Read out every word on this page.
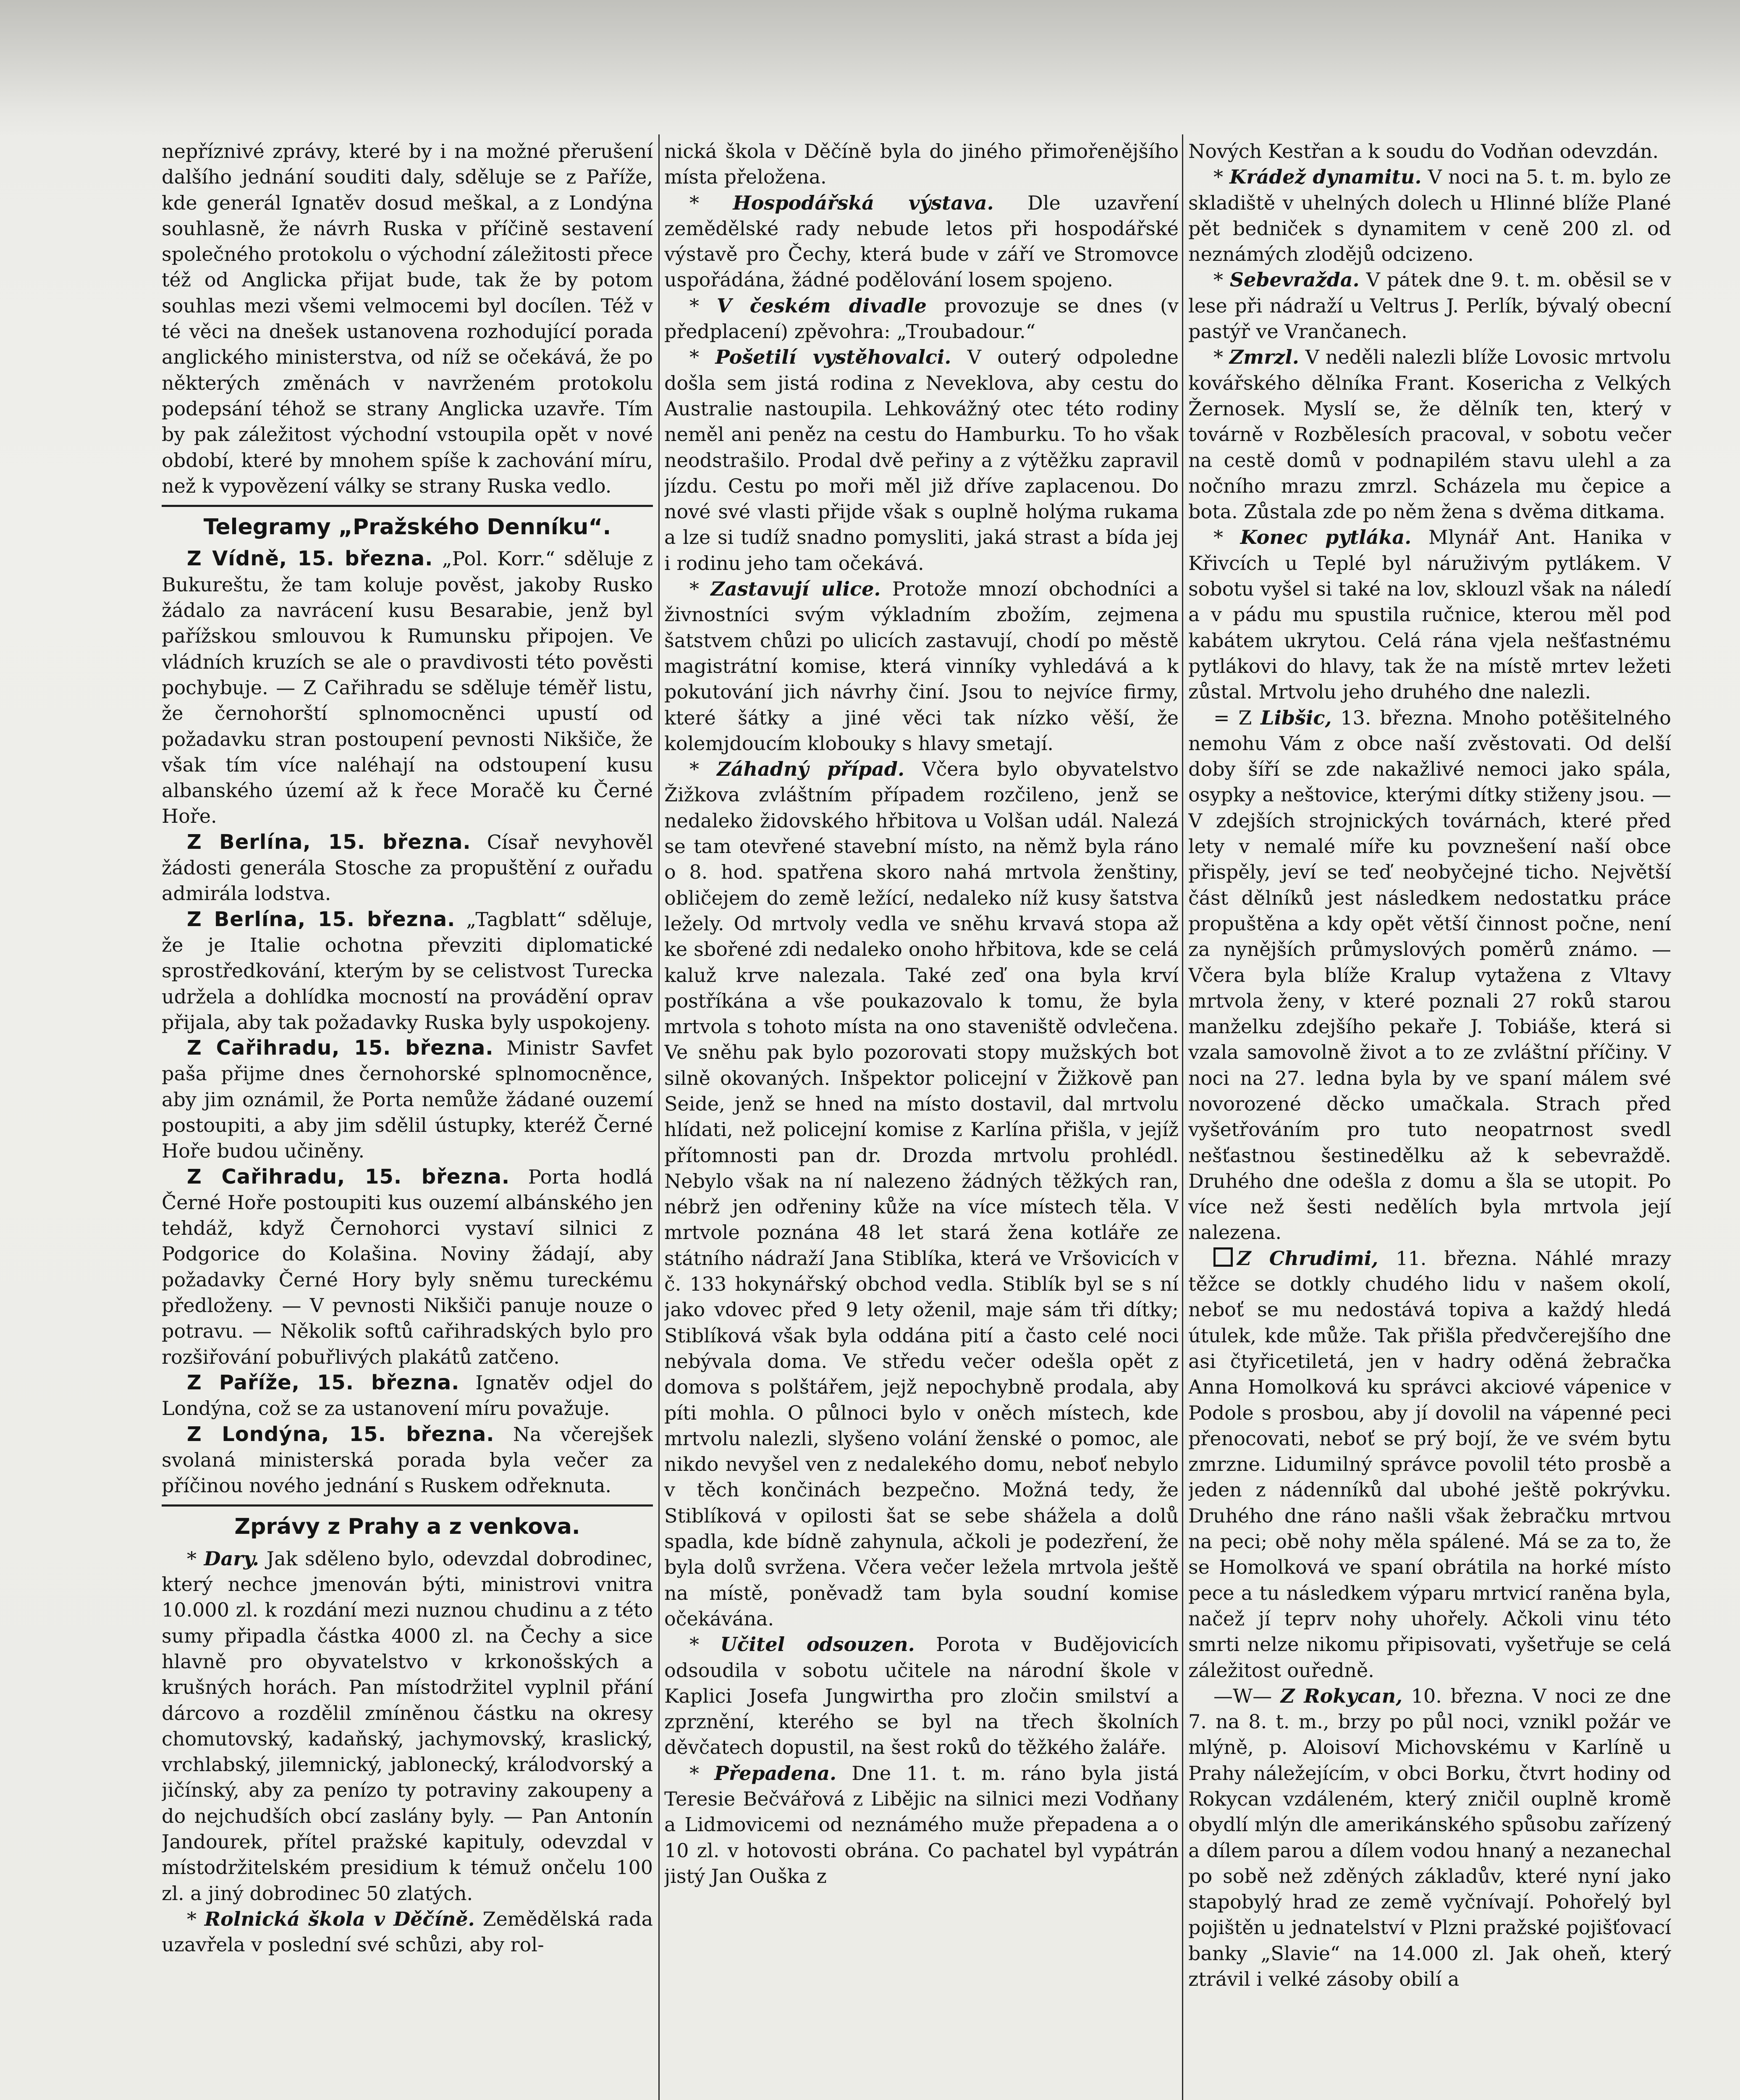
nepříznivé zprávy, které by i na možné přerušení dalšího jednání souditi daly, sděluje se z Paříže, kde generál Ignatěv dosud meškal, a z Londýna souhlasně, že návrh Ruska v příčině sestavení společného protokolu o východní záležitosti přece též od Anglicka přijat bude, tak že by potom souhlas mezi všemi velmocemi byl docílen. Též v té věci na dnešek ustanovena rozhodující porada anglického ministerstva, od níž se očekává, že po některých změnách v navrženém protokolu podepsání téhož se strany Anglicka uzavře. Tím by pak záležitost východní vstoupila opět v nové období, které by mnohem spíše k zachování míru, než k vypovězení války se strany Ruska vedlo.

Telegramy „Pražského Denníku“.

Z Vídně, 15. března. „Pol. Korr.“ sděluje z Bukureštu, že tam koluje pověst, jakoby Rusko žádalo za navrácení kusu Besarabie, jenž byl pařížskou smlouvou k Rumunsku připojen. Ve vládních kruzích se ale o pravdivosti této pověsti pochybuje. — Z Cařihradu se sděluje téměř listu, že černohorští splnomocněnci upustí od požadavku stran postoupení pevnosti Nikšiče, že však tím více naléhají na odstoupení kusu albanského území až k řece Moračě ku Černé Hoře.

Z Berlína, 15. března. Císař nevyhověl žádosti generála Stosche za propuštění z ouřadu admirála lodstva.

Z Berlína, 15. března. „Tagblatt“ sděluje, že je Italie ochotna převziti diplomatické sprostředkování, kterým by se celistvost Turecka udržela a dohlídka mocností na provádění oprav přijala, aby tak požadavky Ruska byly uspokojeny.

Z Cařihradu, 15. března. Ministr Savfet paša přijme dnes černohorské splnomocněnce, aby jim oznámil, že Porta nemůže žádané ouzemí postoupiti, a aby jim sdělil ústupky, kteréž Černé Hoře budou učiněny.

Z Cařihradu, 15. března. Porta hodlá Černé Hoře postoupiti kus ouzemí albánského jen tehdáž, když Černohorci vystaví silnici z Podgorice do Kolašina. Noviny žádají, aby požadavky Černé Hory byly sněmu tureckému předloženy. — V pevnosti Nikšiči panuje nouze o potravu. — Několik softů cařihradských bylo pro rozšiřování pobuřlivých plakátů zatčeno.

Z Paříže, 15. března. Ignatěv odjel do Londýna, což se za ustanovení míru považuje.

Z Londýna, 15. března. Na včerejšek svolaná ministerská porada byla večer za příčinou nového jednání s Ruskem odřeknuta.

Zprávy z Prahy a z venkova.

* Dary. Jak sděleno bylo, odevzdal dobrodinec, který nechce jmenován býti, ministrovi vnitra 10.000 zl. k rozdání mezi nuznou chudinu a z této sumy připadla částka 4000 zl. na Čechy a sice hlavně pro obyvatelstvo v krkonošských a krušných horách. Pan místodržitel vyplnil přání dárcovo a rozdělil zmíněnou částku na okresy chomutovský, kadaňský, jachymovský, kraslický, vrchlabský, jilemnický, jablonecký, králodvorský a jičínský, aby za penízo ty potraviny zakoupeny a do nejchudších obcí zaslány byly. — Pan Antonín Jandourek, přítel pražské kapituly, odevzdal v místodržitelském presidium k témuž ončelu 100 zl. a jiný dobrodinec 50 zlatých.

* Rolnická škola v Děčíně. Zemědělská rada uzavřela v poslední své schůzi, aby rol-

nická škola v Děčíně byla do jiného přimořenějšího místa přeložena.

* Hospodářská výstava. Dle uzavření zemědělské rady nebude letos při hospodářské výstavě pro Čechy, která bude v září ve Stromovce uspořádána, žádné podělování losem spojeno.

* V českém divadle provozuje se dnes (v předplacení) zpěvohra: „Troubadour.“

* Pošetilí vystěhovalci. V outerý odpoledne došla sem jistá rodina z Neveklova, aby cestu do Australie nastoupila. Lehkovážný otec této rodiny neměl ani peněz na cestu do Hamburku. To ho však neodstrašilo. Prodal dvě peřiny a z výtěžku zapravil jízdu. Cestu po moři měl již dříve zaplacenou. Do nové své vlasti přijde však s ouplně holýma rukama a lze si tudíž snadno pomysliti, jaká strast a bída jej i rodinu jeho tam očekává.

* Zastavují ulice. Protože mnozí obchodníci a živnostníci svým výkladním zbožím, zejmena šatstvem chůzi po ulicích zastavují, chodí po městě magistrátní komise, která vinníky vyhledává a k pokutování jich návrhy činí. Jsou to nejvíce firmy, které šátky a jiné věci tak nízko věší, že kolemjdoucím klobouky s hlavy smetají.

* Záhadný případ. Včera bylo obyvatelstvo Žižkova zvláštním případem rozčileno, jenž se nedaleko židovského hřbitova u Volšan udál. Nalezá se tam otevřené stavební místo, na němž byla ráno o 8. hod. spatřena skoro nahá mrtvola ženštiny, obličejem do země ležící, nedaleko níž kusy šatstva ležely. Od mrtvoly vedla ve sněhu krvavá stopa až ke sbořené zdi nedaleko onoho hřbitova, kde se celá kaluž krve nalezala. Také zeď ona byla krví postříkána a vše poukazovalo k tomu, že byla mrtvola s tohoto místa na ono staveniště odvlečena. Ve sněhu pak bylo pozorovati stopy mužských bot silně okovaných. Inšpektor policejní v Žižkově pan Seide, jenž se hned na místo dostavil, dal mrtvolu hlídati, než policejní komise z Karlína přišla, v jejíž přítomnosti pan dr. Drozda mrtvolu prohlédl. Nebylo však na ní nalezeno žádných těžkých ran, nébrž jen odřeniny kůže na více místech těla. V mrtvole poznána 48 let stará žena kotláře ze státního nádraží Jana Stiblíka, která ve Vršovicích v č. 133 hokynářský obchod vedla. Stiblík byl se s ní jako vdovec před 9 lety oženil, maje sám tři dítky; Stiblíková však byla oddána pití a často celé noci nebývala doma. Ve středu večer odešla opět z domova s polštářem, jejž nepochybně prodala, aby píti mohla. O půlnoci bylo v oněch místech, kde mrtvolu nalezli, slyšeno volání ženské o pomoc, ale nikdo nevyšel ven z nedalekého domu, neboť nebylo v těch končinách bezpečno. Možná tedy, že Stiblíková v opilosti šat se sebe shážela a dolů spadla, kde bídně zahynula, ačkoli je podezření, že byla dolů svržena. Včera večer ležela mrtvola ještě na místě, poněvadž tam byla soudní komise očekávána.

* Učitel odsouzen. Porota v Budějovicích odsoudila v sobotu učitele na národní škole v Kaplici Josefa Jungwirtha pro zločin smilství a zprznění, kterého se byl na třech školních děvčatech dopustil, na šest roků do těžkého žaláře.

* Přepadena. Dne 11. t. m. ráno byla jistá Teresie Bečvářová z Libějic na silnici mezi Vodňany a Lidmovicemi od neznámého muže přepadena a o 10 zl. v hotovosti obrána. Co pachatel byl vypátrán jistý Jan Ouška z

Nových Kestřan a k soudu do Vodňan odevzdán.

* Krádež dynamitu. V noci na 5. t. m. bylo ze skladiště v uhelných dolech u Hlinné blíže Plané pět bedniček s dynamitem v ceně 200 zl. od neznámých zlodějů odcizeno.

* Sebevražda. V pátek dne 9. t. m. oběsil se v lese při nádraží u Veltrus J. Perlík, bývalý obecní pastýř ve Vrančanech.

* Zmrzl. V neděli nalezli blíže Lovosic mrtvolu kovářského dělníka Frant. Kosericha z Velkých Žernosek. Myslí se, že dělník ten, který v továrně v Rozbělesích pracoval, v sobotu večer na cestě domů v podnapilém stavu ulehl a za nočního mrazu zmrzl. Scházela mu čepice a bota. Zůstala zde po něm žena s dvěma ditkama.

* Konec pytláka. Mlynář Ant. Hanika v Křivcích u Teplé byl náruživým pytlákem. V sobotu vyšel si také na lov, sklouzl však na náledí a v pádu mu spustila ručnice, kterou měl pod kabátem ukrytou. Celá rána vjela nešťastnému pytlákovi do hlavy, tak že na místě mrtev ležeti zůstal. Mrtvolu jeho druhého dne nalezli.

= Z Libšic, 13. března. Mnoho potěšitelného nemohu Vám z obce naší zvěstovati. Od delší doby šíří se zde nakažlivé nemoci jako spála, osypky a neštovice, kterými dítky stiženy jsou. — V zdejších strojnických továrnách, které před lety v nemalé míře ku povznešení naší obce přispěly, jeví se teď neobyčejné ticho. Největší část dělníků jest následkem nedostatku práce propuštěna a kdy opět větší činnost počne, není za nynějších průmyslových poměrů známo. — Včera byla blíže Kralup vytažena z Vltavy mrtvola ženy, v které poznali 27 roků starou manželku zdejšího pekaře J. Tobiáše, která si vzala samovolně život a to ze zvláštní příčiny. V noci na 27. ledna byla by ve spaní málem své novorozené děcko umačkala. Strach před vyšetřováním pro tuto neopatrnost svedl nešťastnou šestinedělku až k sebevraždě. Druhého dne odešla z domu a šla se utopit. Po více než šesti nedělích byla mrtvola její nalezena.

Z Chrudimi, 11. března. Náhlé mrazy těžce se dotkly chudého lidu v našem okolí, neboť se mu nedostává topiva a každý hledá útulek, kde může. Tak přišla předvčerejšího dne asi čtyřicetiletá, jen v hadry oděná žebračka Anna Homolková ku správci akciové vápenice v Podole s prosbou, aby jí dovolil na vápenné peci přenocovati, neboť se prý bojí, že ve svém bytu zmrzne. Lidumilný správce povolil této prosbě a jeden z nádenníků dal ubohé ještě pokrývku. Druhého dne ráno našli však žebračku mrtvou na peci; obě nohy měla spálené. Má se za to, že se Homolková ve spaní obrátila na horké místo pece a tu následkem výparu mrtvicí raněna byla, načež jí teprv nohy uhořely. Ačkoli vinu této smrti nelze nikomu připisovati, vyšetřuje se celá záležitost ouředně.

—W— Z Rokycan, 10. března. V noci ze dne 7. na 8. t. m., brzy po půl noci, vznikl požár ve mlýně, p. Aloisoví Michovskému v Karlíně u Prahy náležejícím, v obci Borku, čtvrt hodiny od Rokycan vzdáleném, který zničil ouplně kromě obydlí mlýn dle amerikánského spůsobu zařízený a dílem parou a dílem vodou hnaný a nezanechal po sobě než zděných základův, které nyní jako stapobylý hrad ze země vyčnívají. Pohořelý byl pojištěn u jednatelství v Plzni pražské pojišťovací banky „Slavie“ na 14.000 zl. Jak oheň, který ztrávil i velké zásoby obilí a
